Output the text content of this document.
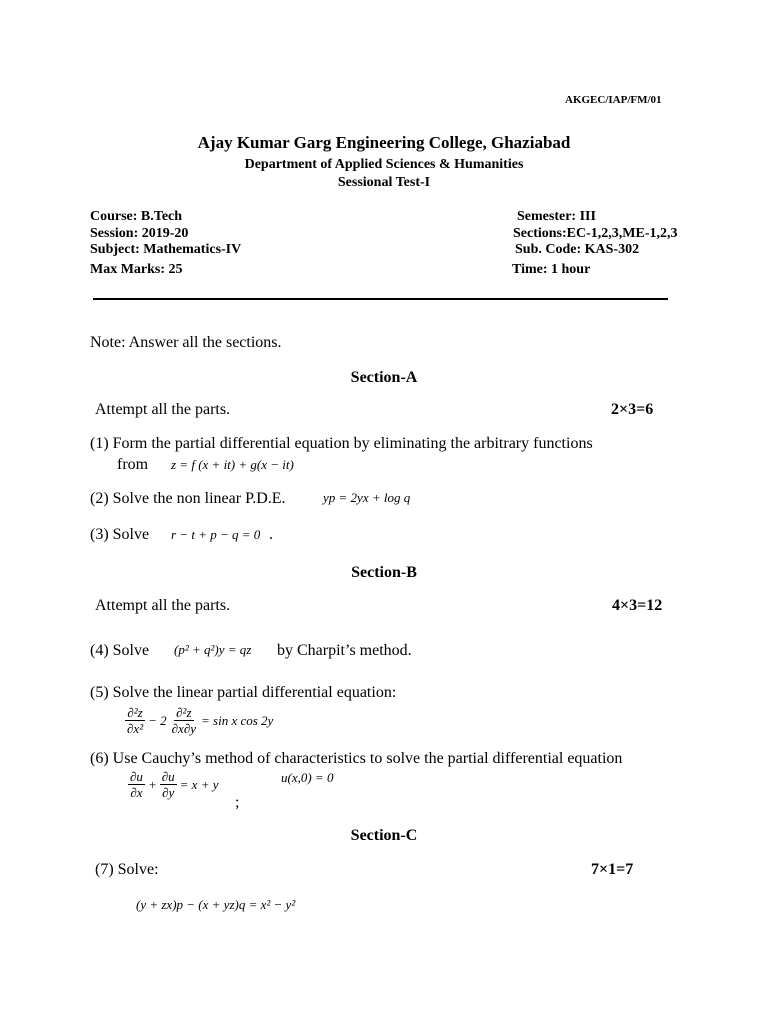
AKGEC/IAP/FM/01
Ajay Kumar Garg Engineering College, Ghaziabad
Department of Applied Sciences & Humanities
Sessional Test-I
Course: B.Tech	Semester: III
Session: 2019-20	Sections:EC-1,2,3,ME-1,2,3
Subject: Mathematics-IV	Sub. Code: KAS-302
Max Marks: 25	Time: 1 hour
Note: Answer all the sections.
Section-A
Attempt all the parts.	2×3=6
(1) Form the partial differential equation by eliminating the arbitrary functions
from z = f (x + it) + g(x − it)
(2) Solve the non linear P.D.E.	yp = 2yx + log q
(3) Solve r − t + p − q = 0 .
Section-B
Attempt all the parts.	4×3=12
(4) Solve (p² + q²)y = qz by Charpit’s method.
(5) Solve the linear partial differential equation:
$\frac{\text{∂²z}}{\text{∂x²}} - 2 \frac{\text{∂²z}}{\partial x\partial y} = \sin x$ cos 2y
(6) Use Cauchy’s method of characteristics to solve the partial differential equation
$\frac{\partial u}{\partial x} + \frac{\partial u}{\partial y} = x + y$	u(x,0) = 0
;
Section-C
(7) Solve:	7×1=7
(y + zx)p − (x + yz)q = x² − y²
